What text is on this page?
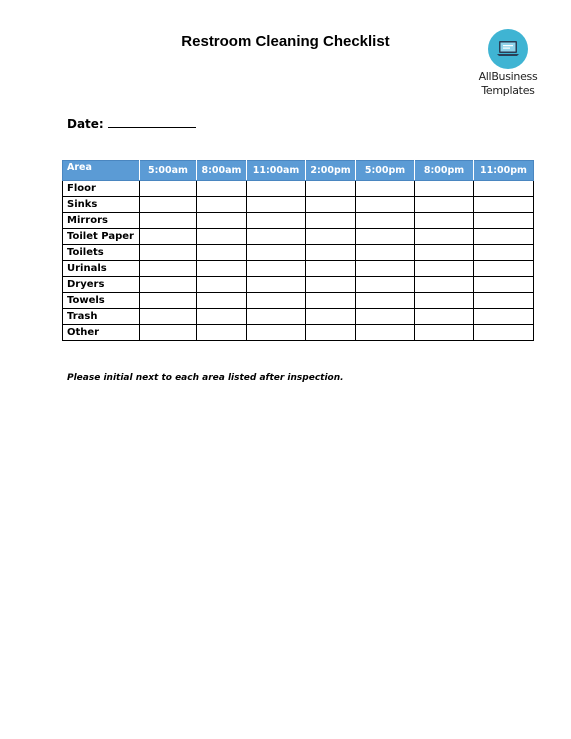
Restroom Cleaning Checklist
AllBusiness
Templates
Date:
Area	5:00am	8:00am	11:00am	2:00pm	5:00pm	8:00pm	11:00pm
Floor							
Sinks							
Mirrors							
Toilet Paper							
Toilets							
Urinals							
Dryers							
Towels							
Trash							
Other							
Please initial next to each area listed after inspection.
